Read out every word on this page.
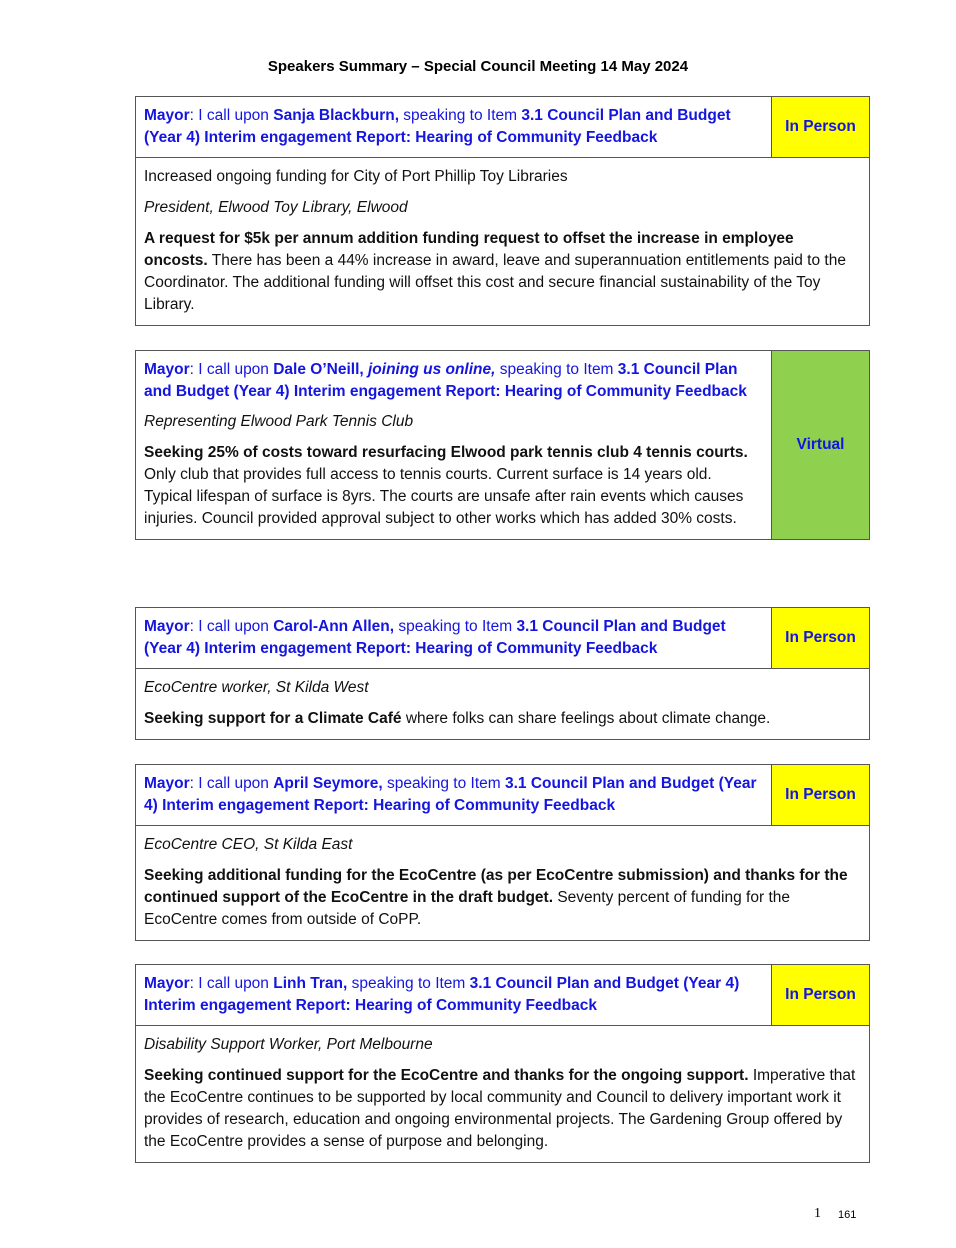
Speakers Summary – Special Council Meeting 14 May 2024
Mayor: I call upon Sanja Blackburn, speaking to Item 3.1 Council Plan and Budget (Year 4) Interim engagement Report: Hearing of Community Feedback
In Person

Increased ongoing funding for City of Port Phillip Toy Libraries

President, Elwood Toy Library, Elwood

A request for $5k per annum addition funding request to offset the increase in employee oncosts. There has been a 44% increase in award, leave and superannuation entitlements paid to the Coordinator. The additional funding will offset this cost and secure financial sustainability of the Toy Library.

Mayor: I call upon Dale O’Neill, joining us online, speaking to Item 3.1 Council Plan and Budget (Year 4) Interim engagement Report: Hearing of Community Feedback

Representing Elwood Park Tennis Club

Seeking 25% of costs toward resurfacing Elwood park tennis club 4 tennis courts. Only club that provides full access to tennis courts. Current surface is 14 years old. Typical lifespan of surface is 8yrs. The courts are unsafe after rain events which causes injuries. Council provided approval subject to other works which has added 30% costs.

Virtual
Mayor: I call upon Carol-Ann Allen, speaking to Item 3.1 Council Plan and Budget (Year 4) Interim engagement Report: Hearing of Community Feedback
In Person

EcoCentre worker, St Kilda West

Seeking support for a Climate Café where folks can share feelings about climate change.

Mayor: I call upon April Seymore, speaking to Item 3.1 Council Plan and Budget (Year 4) Interim engagement Report: Hearing of Community Feedback
In Person

EcoCentre CEO, St Kilda East

Seeking additional funding for the EcoCentre (as per EcoCentre submission) and thanks for the continued support of the EcoCentre in the draft budget. Seventy percent of funding for the EcoCentre comes from outside of CoPP.

Mayor: I call upon Linh Tran, speaking to Item 3.1 Council Plan and Budget (Year 4) Interim engagement Report: Hearing of Community Feedback
In Person

Disability Support Worker, Port Melbourne

Seeking continued support for the EcoCentre and thanks for the ongoing support. Imperative that the EcoCentre continues to be supported by local community and Council to delivery important work it provides of research, education and ongoing environmental projects. The Gardening Group offered by the EcoCentre provides a sense of purpose and belonging.

1 161
